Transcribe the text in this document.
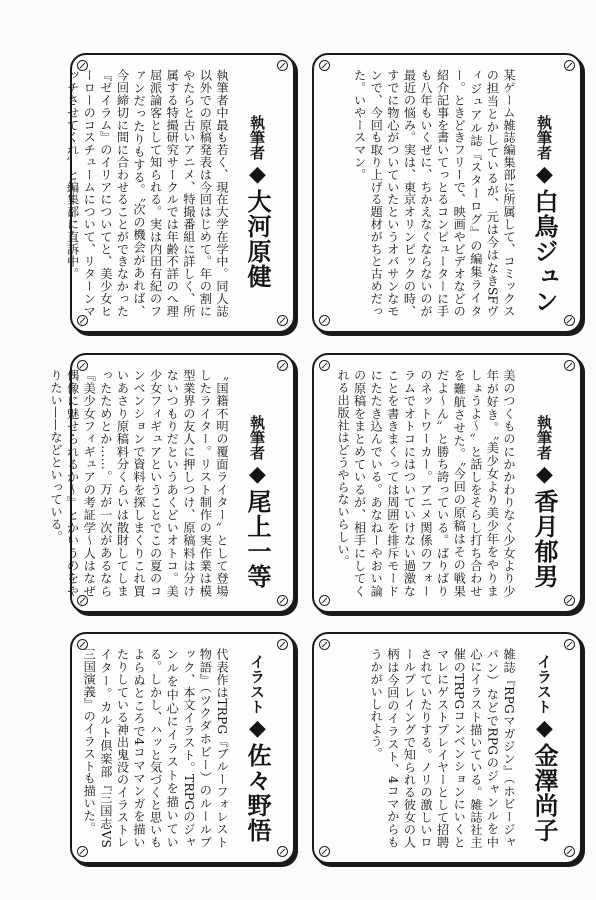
執筆者
◆
白鳥ジュン

某ゲーム雑誌編集部に所属して、コミックスの担当とかしているが、元は今はなきSFヴィジュアル誌『スターログ』の編集ライター。ときどきフリーで、映画やビデオなどの紹介記事を書いてっとるコンピューターに手も八年もいくぜに、ちかえなくならないのが最近の悩み。実は、東京オリンピックの時、すでに物心がついていたというオバサンなモンで、今回も取り上げる題材がちと古めだった。いやースマン。

執筆者
◆
大河原健

執筆者中最も若く、現在大学在学中。同人誌以外での原稿発表は今回はじめて。年の割にやたらと古いアニメ、特撮番組に詳しく、所属する特撮研究サークルでは年齢不詳のへ理屈派論客として知られる。実は内田有紀のファンだったりもする。〝次の機会があれば、今回締切に間に合わせることができなかった『ゼイラム』のイリアについてと、美少女ヒーローのコスチュームについて、リターンマッチさせてくれ〟と編集部に直訴中。

執筆者
◆
香月郁男

美のつくものにかかわりなく少女より少年が好き。〝美少女より美少年をやりましょうよ〜〟と話しをそらし打ち合わせを難航させた。〝今回の原稿はその戦果だよ〜ん〟と勝ち誇っている。ばりばりのネットワーカー。アニメ関係のフォーラムでオトコにはついていけない過激なことを書きまくっては周囲を排斥モードにたたき込んでいる。あなねーやおい論の原稿をまとめているが、相手にしてくれる出版社はどうやらないらしい。

執筆者
◆
尾上一等

〝国籍不明の覆面ライター〟として登場したライター。リスト制作の実作業は模型業界の友人に押しつけ、原稿料は分けないつもりだというあくどいオトコ。美少女フィギュアということでこの夏のコンベンションで資料を探しまくりこれ買いあさり原稿料分くらいは散財してしまったためとか……。万が一次があるなら『美少女フィギュアの考証学〜人はなぜ偶像に魅せられるか〜』とかいうのをやりたい——などといっている。

イラスト
◆
金澤尚子

雑誌『RPGマガジン』（ホビージャパン）などでRPGのジャンルを中心にイラスト描いている。雑誌社主催のTRPGコンベンションにいくとマレにゲストプレイヤーとして招聘されていたりする。ノリの激しいロールプレイングで知られる彼女の人柄は今回のイラスト、4コマからもうかがいしれよう。

イラスト
◆
佐々野悟

代表作はTRPG『ブルーフォレスト物語』（ツクダホビー）のルールブック、本文イラスト。TRPGのジャンルを中心にイラストを描いている。しかし、ハッと気づくと思いもよらぬところで4コママンガを描いたりしている神出鬼没のイラストレイター。カルト倶楽部『三国志VS三国演義』のイラストも描いた。
